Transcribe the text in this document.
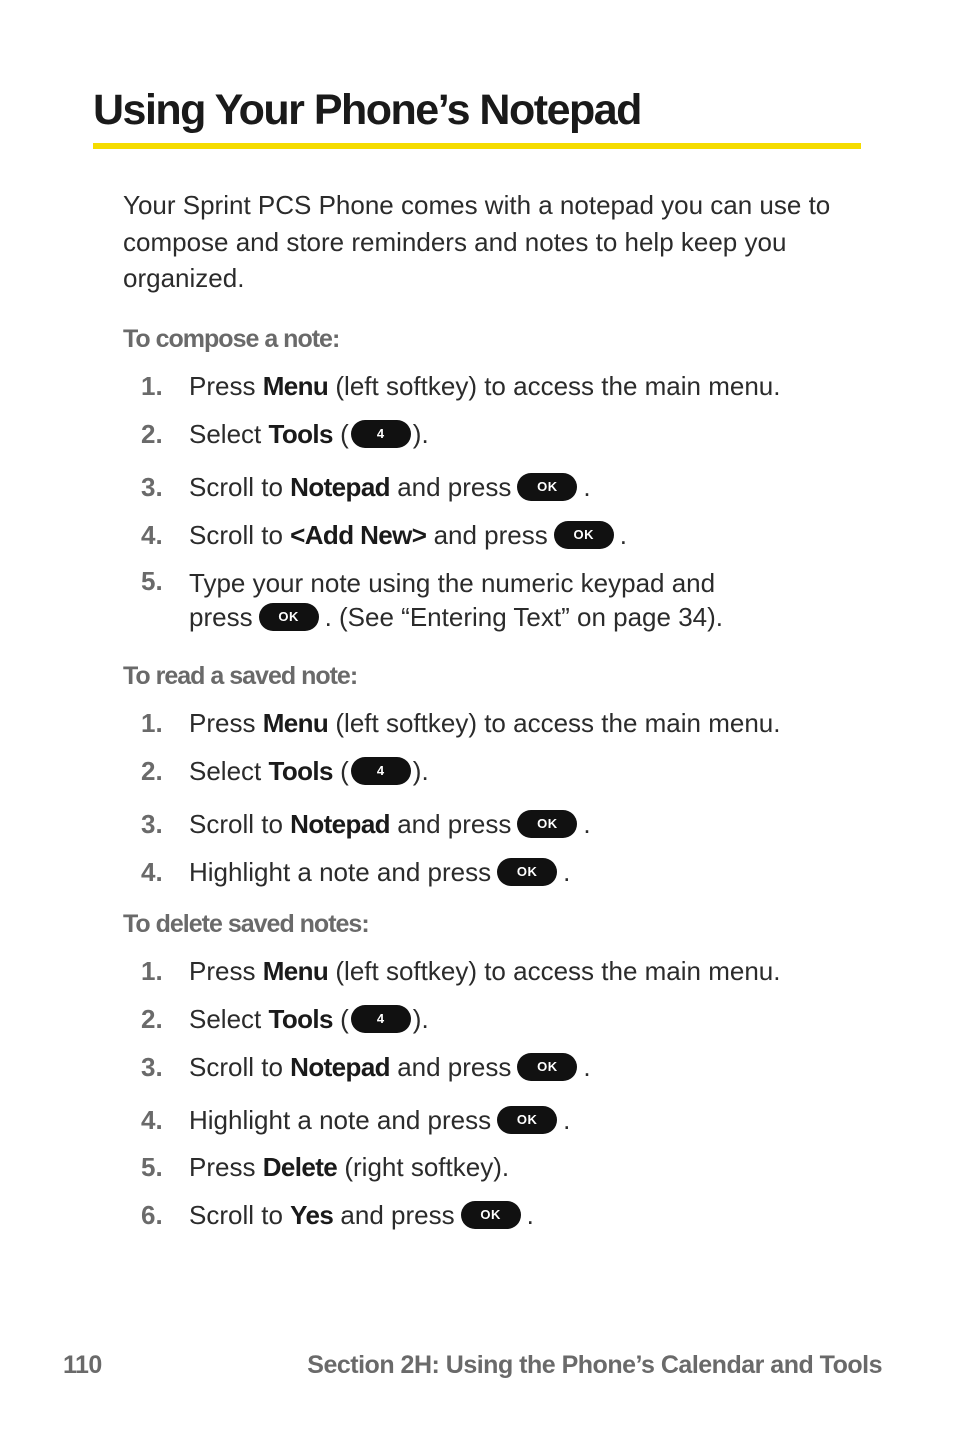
Using Your Phone’s Notepad

Your Sprint PCS Phone comes with a notepad you can use to compose and store reminders and notes to help keep you organized.

To compose a note:
1. Press Menu (left softkey) to access the main menu.
2. Select Tools ( 4 ).
3. Scroll to Notepad and press OK .
4. Scroll to <Add New> and press OK .
5. Type your note using the numeric keypad and
press OK . (See “Entering Text” on page 34).
To read a saved note:
1. Press Menu (left softkey) to access the main menu.
2. Select Tools ( 4 ).
3. Scroll to Notepad and press OK .
4. Highlight a note and press OK .
To delete saved notes:
1. Press Menu (left softkey) to access the main menu.
2. Select Tools ( 4 ).
3. Scroll to Notepad and press OK .
4. Highlight a note and press OK .
5. Press Delete (right softkey).
6. Scroll to Yes and press OK .
110	Section 2H: Using the Phone’s Calendar and Tools
